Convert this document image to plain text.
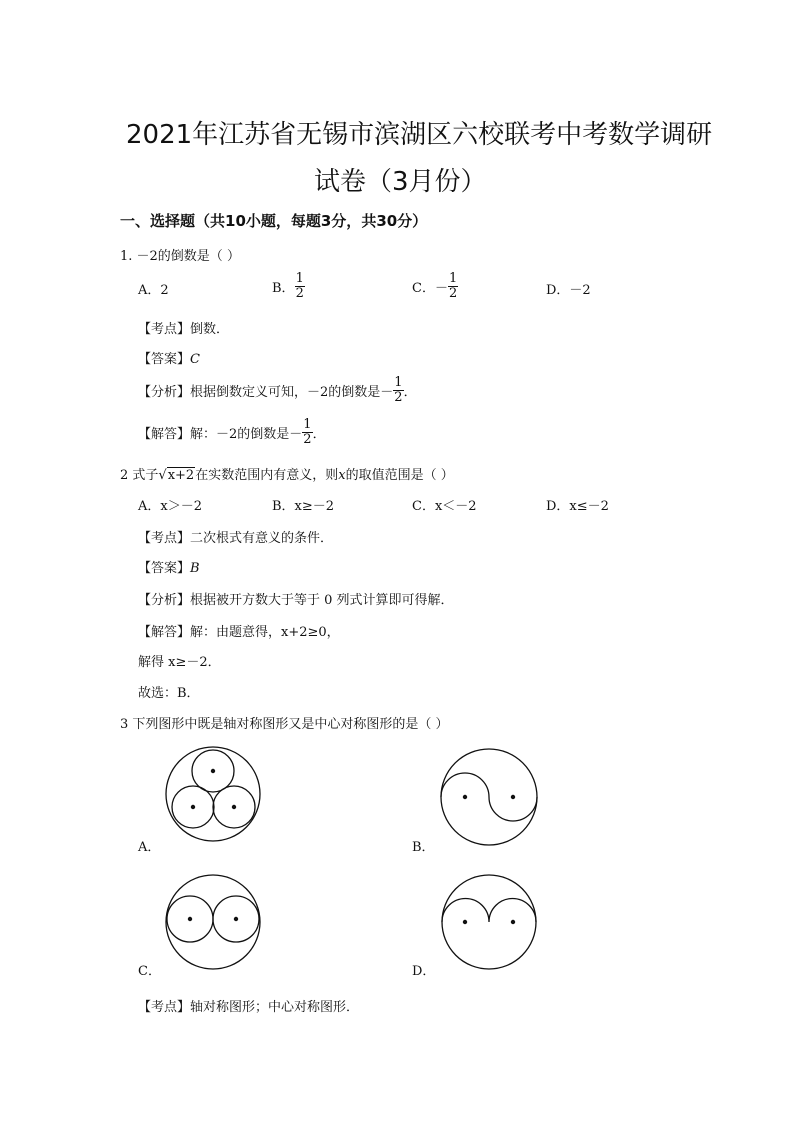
2021年江苏省无锡市滨湖区六校联考中考数学调研
试卷（3月份）
一、选择题（共10小题，每题3分，共30分）
1. －2的倒数是（ ）
A．2	B． $\frac{1}{2}$	C．－ $\frac{1}{2}$	D．－2
【考点】倒数．
【答案】C
【分析】根据倒数定义可知，－2的倒数是－ $\frac{1}{2}$ ．
【解答】解：－2的倒数是－ $\frac{1}{2}$ ．
2 式子√x+2在实数范围内有意义，则x的取值范围是（ ）
A．x＞－2	B．x≥－2	C．x＜－2	D．x≤－2
【考点】二次根式有意义的条件．
【答案】B
【分析】根据被开方数大于等于 0 列式计算即可得解．
【解答】解：由题意得，x+2≥0，
解得 x≥－2．
故选：B．
3 下列图形中既是轴对称图形又是中心对称图形的是（ ）
A．	B．
C．	D．
【考点】轴对称图形；中心对称图形．
